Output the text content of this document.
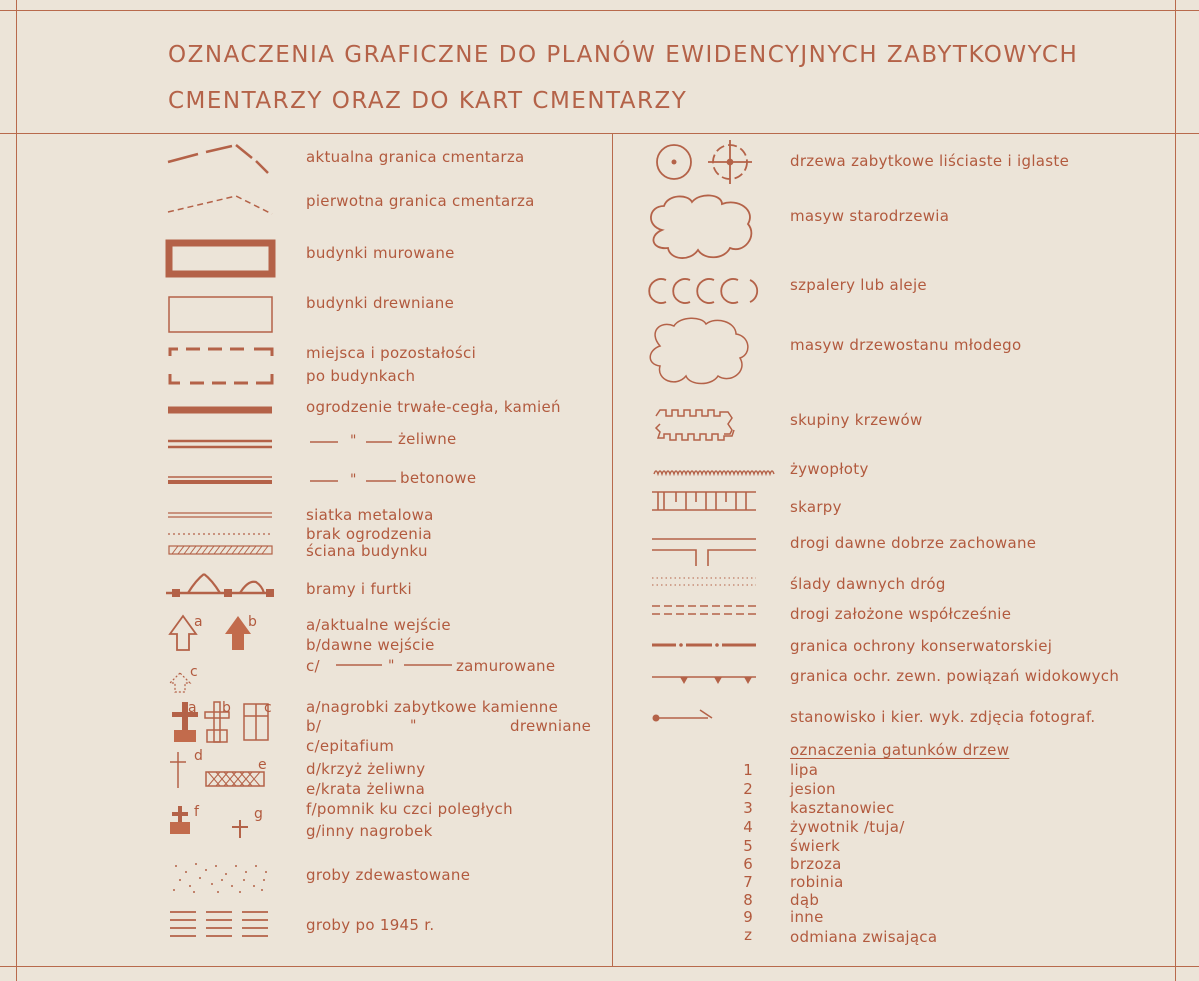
OZNACZENIA GRAFICZNE DO PLANÓW EWIDENCYJNYCH ZABYTKOWYCH
CMENTARZY ORAZ DO KART CMENTARZY
aktualna granica cmentarza
pierwotna granica cmentarza
budynki murowane
budynki drewniane
miejsca i pozostałości
po budynkach
ogrodzenie trwałe-cegła, kamień
"	żeliwne
"	betonowe
siatka metalowa
brak ogrodzenia
ściana budynku
bramy i furtki
a	b
c
a/aktualne wejście
b/dawne wejście
c/	"	zamurowane
a b c a/nagrobki zabytkowe kamienne
b/	"	drewniane
c/epitafium
d
e	d/krzyż żeliwny
e/krata żeliwna
f	g	f/pomnik ku czci poległych
g/inny nagrobek
groby zdewastowane
groby po 1945 r.
drzewa zabytkowe liściaste i iglaste
masyw starodrzewia
szpalery lub aleje
masyw drzewostanu młodego
skupiny krzewów
żywopłoty
skarpy
drogi dawne dobrze zachowane
ślady dawnych dróg
drogi założone współcześnie
granica ochrony konserwatorskiej
granica ochr. zewn. powiązań widokowych
stanowisko i kier. wyk. zdjęcia fotograf.
oznaczenia gatunków drzew
1	lipa
2	jesion
3	kasztanowiec
4	żywotnik /tuja/
5	świerk
6	brzoza
7	robinia
8	dąb
9	inne
z	odmiana zwisająca
